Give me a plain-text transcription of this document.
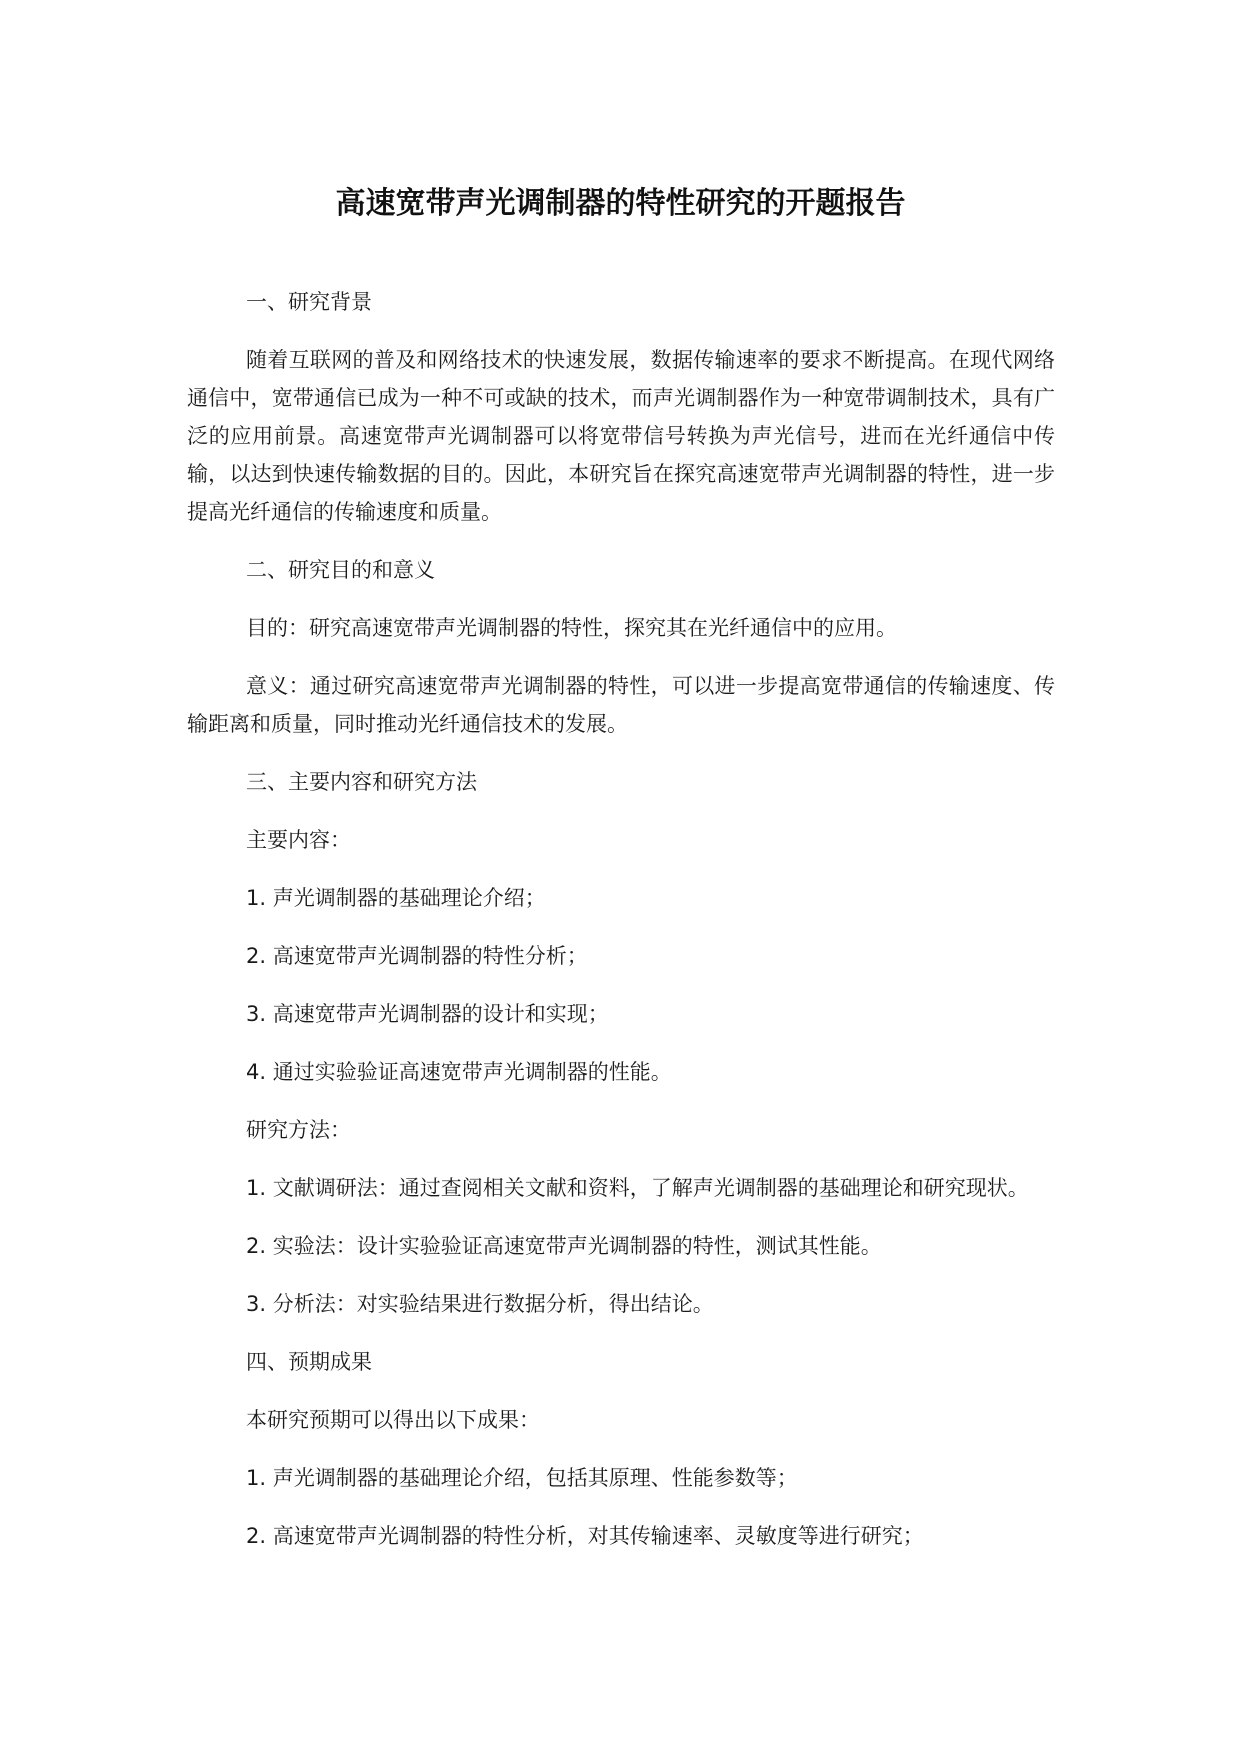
高速宽带声光调制器的特性研究的开题报告

一、研究背景

随着互联网的普及和网络技术的快速发展，数据传输速率的要求不断提高。在现代网络通信中，宽带通信已成为一种不可或缺的技术，而声光调制器作为一种宽带调制技术，具有广泛的应用前景。高速宽带声光调制器可以将宽带信号转换为声光信号，进而在光纤通信中传输，以达到快速传输数据的目的。因此，本研究旨在探究高速宽带声光调制器的特性，进一步提高光纤通信的传输速度和质量。

二、研究目的和意义

目的：研究高速宽带声光调制器的特性，探究其在光纤通信中的应用。

意义：通过研究高速宽带声光调制器的特性，可以进一步提高宽带通信的传输速度、传输距离和质量，同时推动光纤通信技术的发展。

三、主要内容和研究方法

主要内容：

1. 声光调制器的基础理论介绍；

2. 高速宽带声光调制器的特性分析；

3. 高速宽带声光调制器的设计和实现；

4. 通过实验验证高速宽带声光调制器的性能。

研究方法：

1. 文献调研法：通过查阅相关文献和资料，了解声光调制器的基础理论和研究现状。

2. 实验法：设计实验验证高速宽带声光调制器的特性，测试其性能。

3. 分析法：对实验结果进行数据分析，得出结论。

四、预期成果

本研究预期可以得出以下成果：

1. 声光调制器的基础理论介绍，包括其原理、性能参数等；

2. 高速宽带声光调制器的特性分析，对其传输速率、灵敏度等进行研究；
